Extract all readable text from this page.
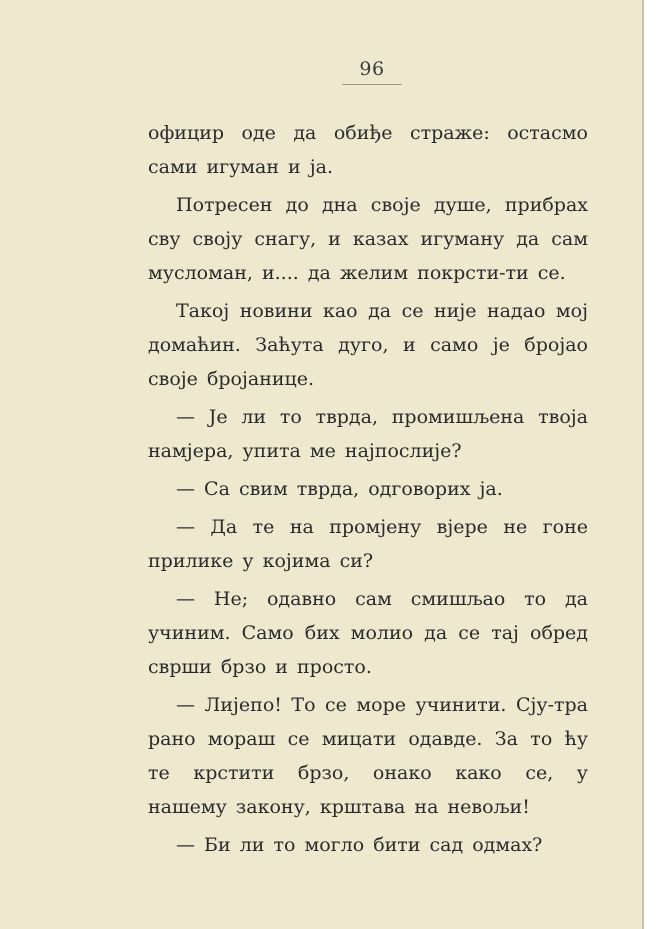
96

официр оде да обиђе страже: остасмо сами игуман и ја.

Потресен до дна своје душе, прибрах сву своју снагу, и казах игуману да сам мусломан, и.... да желим покрсти-ти се.

Такој новини као да се није надао мој домаћин. Заћута дуго, и само је бројао своје бројанице.

— Је ли то тврда, промишљена твоја намјера, упита ме најпослије?

— Са свим тврда, одговорих ја.

— Да те на промјену вјере не гоне прилике у којима си?

— Не; одавно сам смишљао то да учиним. Само бих молио да се тај обред сврши брзо и просто.

— Лијепо! То се море учинити. Сју-тра рано мораш се мицати одавде. За то ћу те крстити брзо, онако како се, у нашему закону, крштава на невољи!

— Би ли то могло бити сад одмах?
